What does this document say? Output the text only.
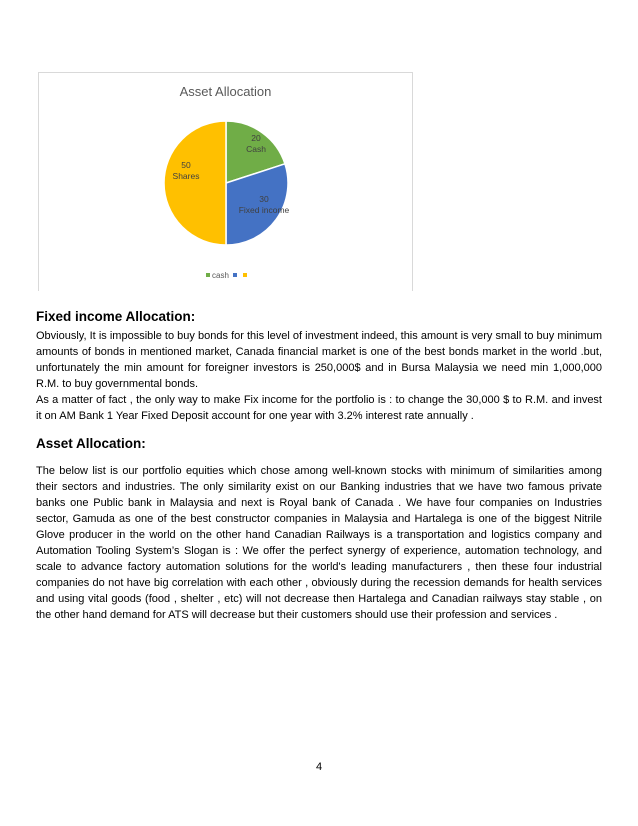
Asset Allocation
20 Cash
30 Fixed income
50 Shares
cash
Fixed income Allocation:

Obviously, It is impossible to buy bonds for this level of investment indeed, this amount is very small to buy minimum amounts of bonds in mentioned market, Canada financial market is one of the best bonds market in the world .but, unfortunately the min amount for foreigner investors is 250,000$ and in Bursa Malaysia we need min 1,000,000 R.M. to buy governmental bonds.

As a matter of fact , the only way to make Fix income for the portfolio is : to change the 30,000 $ to R.M. and invest it on AM Bank 1 Year Fixed Deposit account for one year with 3.2% interest rate annually .

Asset Allocation:

The below list is our portfolio equities which chose among well-known stocks with minimum of similarities among their sectors and industries. The only similarity exist on our Banking industries that we have two famous private banks one Public bank in Malaysia and next is Royal bank of Canada . We have four companies on Industries sector, Gamuda as one of the best constructor companies in Malaysia and Hartalega is one of the biggest Nitrile Glove producer in the world on the other hand Canadian Railways is a transportation and logistics company and Automation Tooling System’s Slogan is : We offer the perfect synergy of experience, automation technology, and scale to advance factory automation solutions for the world's leading manufacturers , then these four industrial companies do not have big correlation with each other , obviously during the recession demands for health services and using vital goods (food , shelter , etc) will not decrease then Hartalega and Canadian railways stay stable , on the other hand demand for ATS will decrease but their customers should use their profession and services .

4
